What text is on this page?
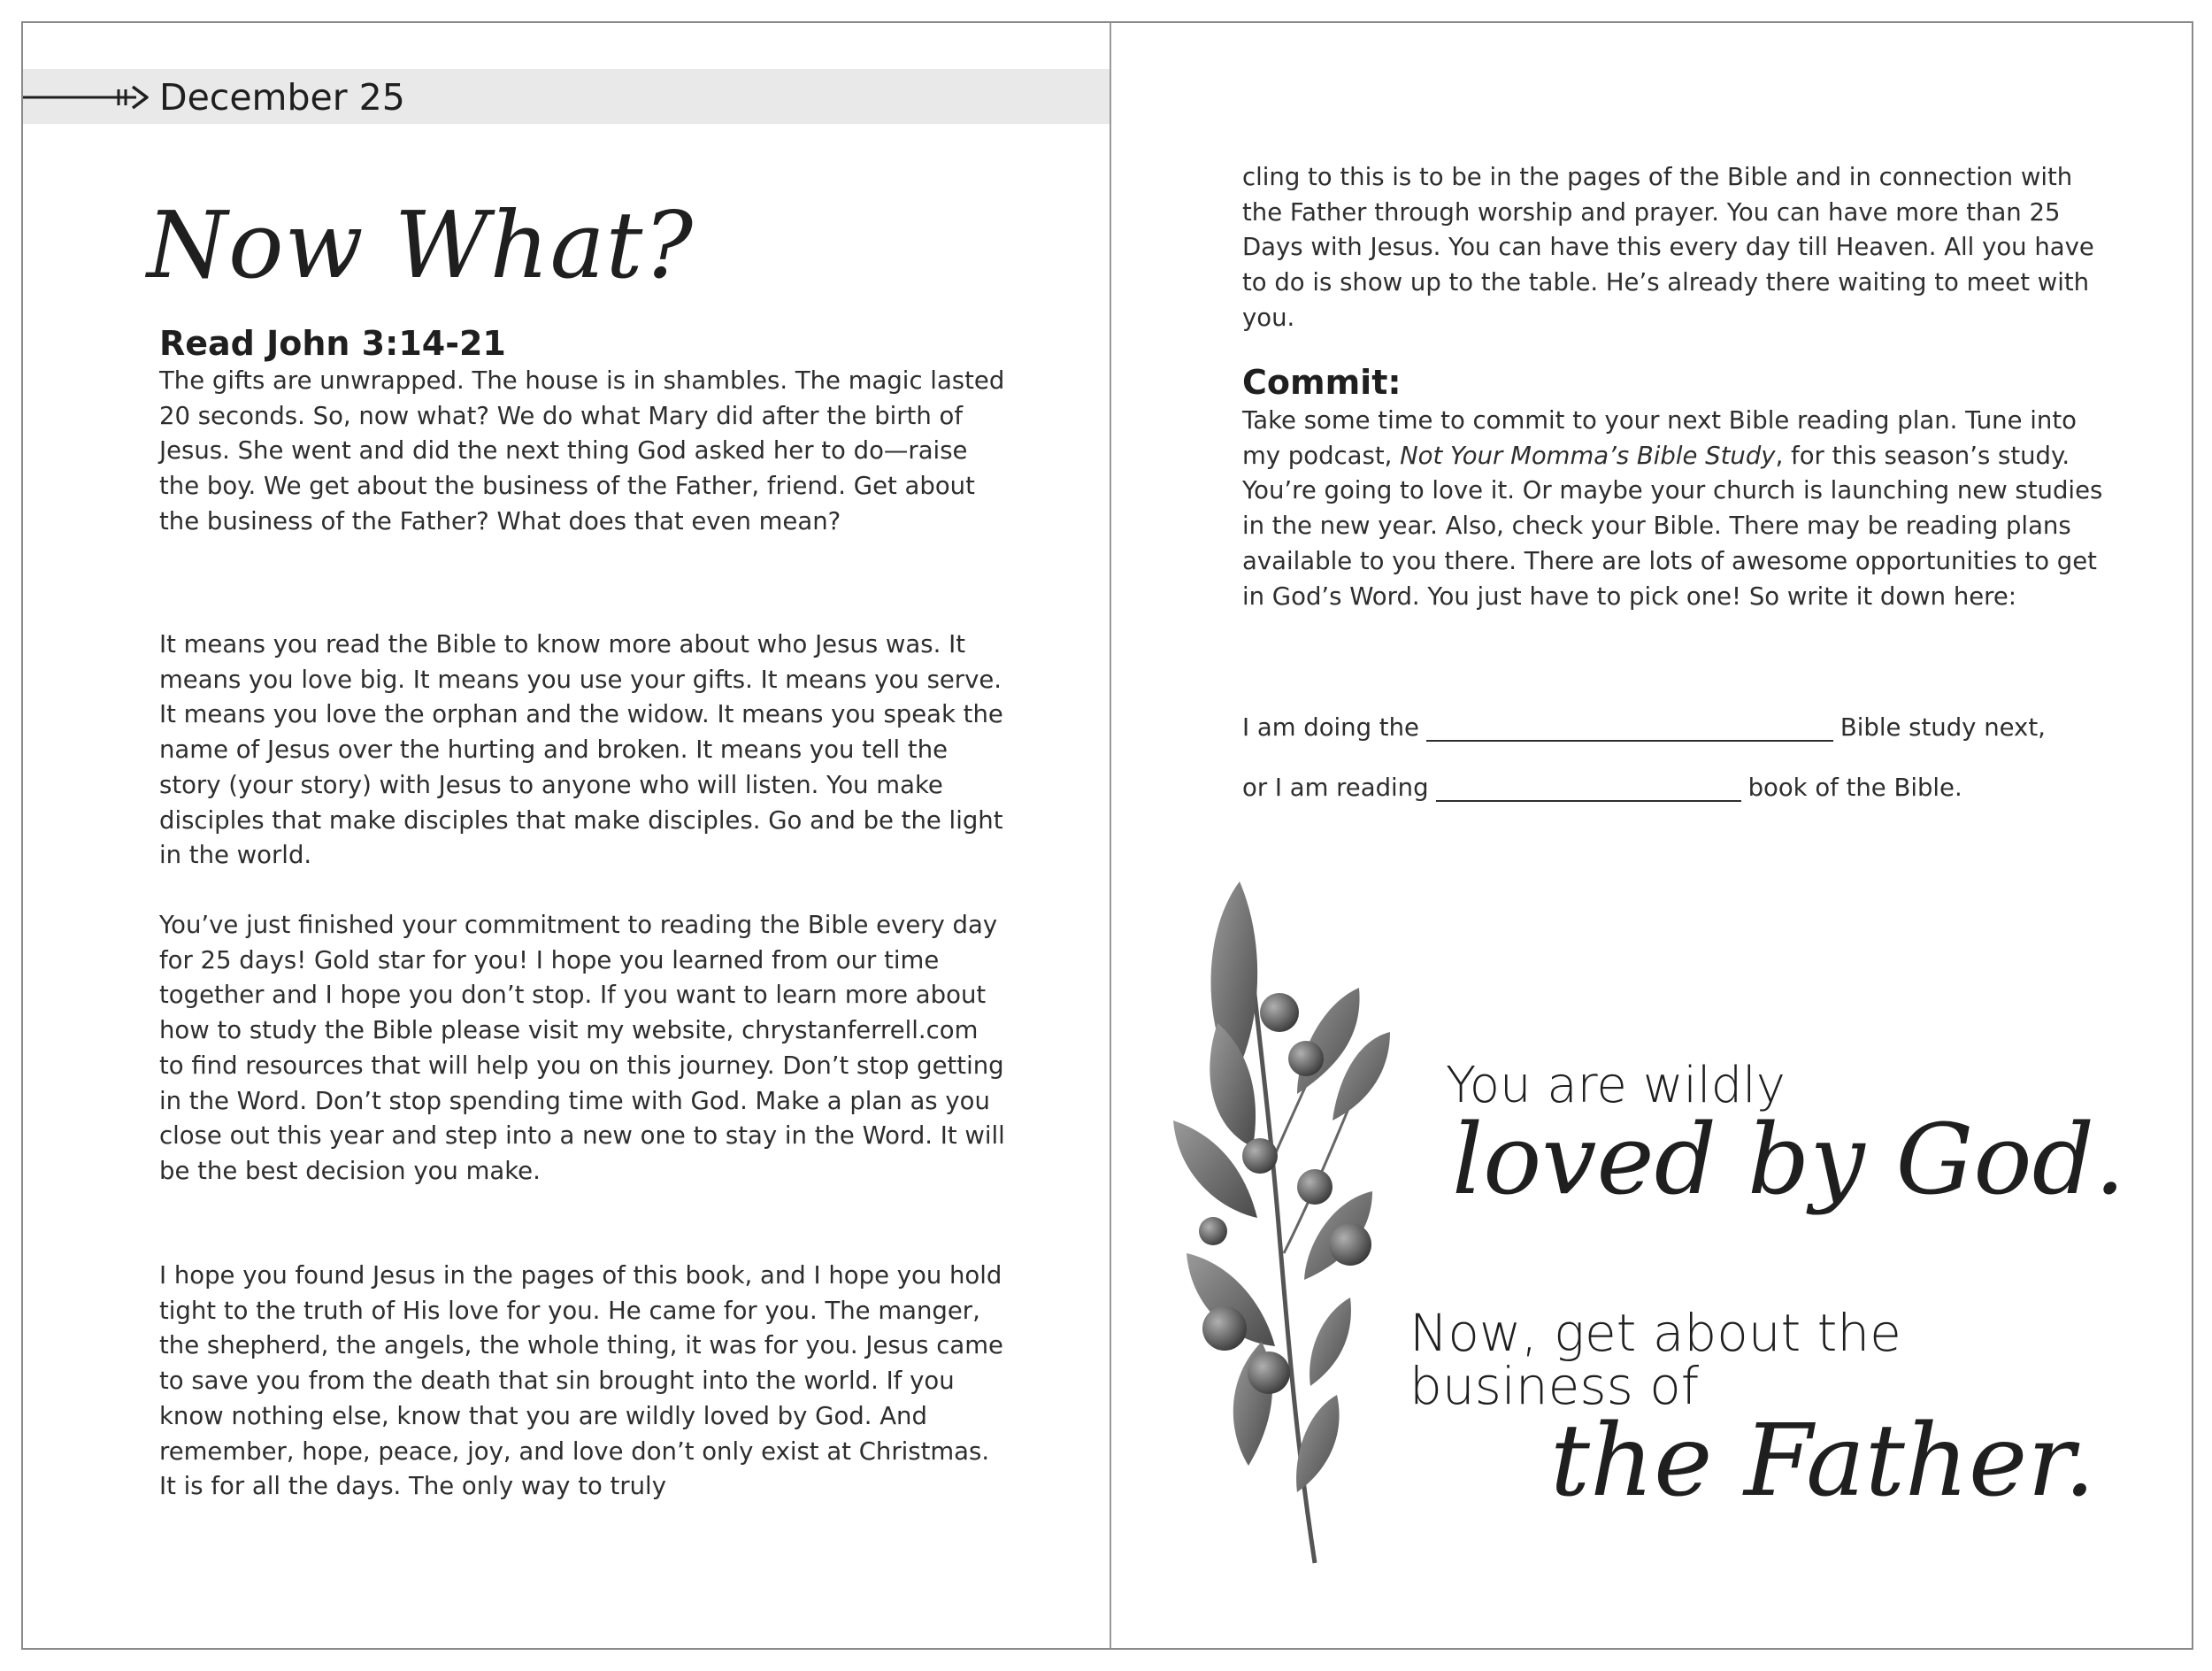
December 25
Now What?
Read John 3:14-21

The gifts are unwrapped. The house is in shambles. The magic lasted 20 seconds. So, now what? We do what Mary did after the birth of Jesus. She went and did the next thing God asked her to do—raise the boy. We get about the business of the Father, friend. Get about the business of the Father? What does that even mean?

It means you read the Bible to know more about who Jesus was. It means you love big. It means you use your gifts. It means you serve. It means you love the orphan and the widow. It means you speak the name of Jesus over the hurting and broken. It means you tell the story (your story) with Jesus to anyone who will listen. You make disciples that make disciples that make disciples. Go and be the light in the world.

You’ve just finished your commitment to reading the Bible every day for 25 days! Gold star for you! I hope you learned from our time together and I hope you don’t stop. If you want to learn more about how to study the Bible please visit my website, chrystanferrell.com to find resources that will help you on this journey. Don’t stop getting in the Word. Don’t stop spending time with God. Make a plan as you close out this year and step into a new one to stay in the Word. It will be the best decision you make.

I hope you found Jesus in the pages of this book, and I hope you hold tight to the truth of His love for you. He came for you. The manger, the shepherd, the angels, the whole thing, it was for you. Jesus came to save you from the death that sin brought into the world. If you know nothing else, know that you are wildly loved by God. And remember, hope, peace, joy, and love don’t only exist at Christmas. It is for all the days. The only way to truly

cling to this is to be in the pages of the Bible and in connection with the Father through worship and prayer. You can have more than 25 Days with Jesus. You can have this every day till Heaven. All you have to do is show up to the table. He’s already there waiting to meet with you.

Commit:

Take some time to commit to your next Bible reading plan. Tune into my podcast, Not Your Momma’s Bible Study, for this season’s study. You’re going to love it. Or maybe your church is launching new studies in the new year. Also, check your Bible. There may be reading plans available to you there. There are lots of awesome opportunities to get in God’s Word. You just have to pick one! So write it down here:

I am doing the	Bible study next,
or I am reading	book of the Bible.
You are wildly
loved by God.
Now, get about the business of
the Father.
